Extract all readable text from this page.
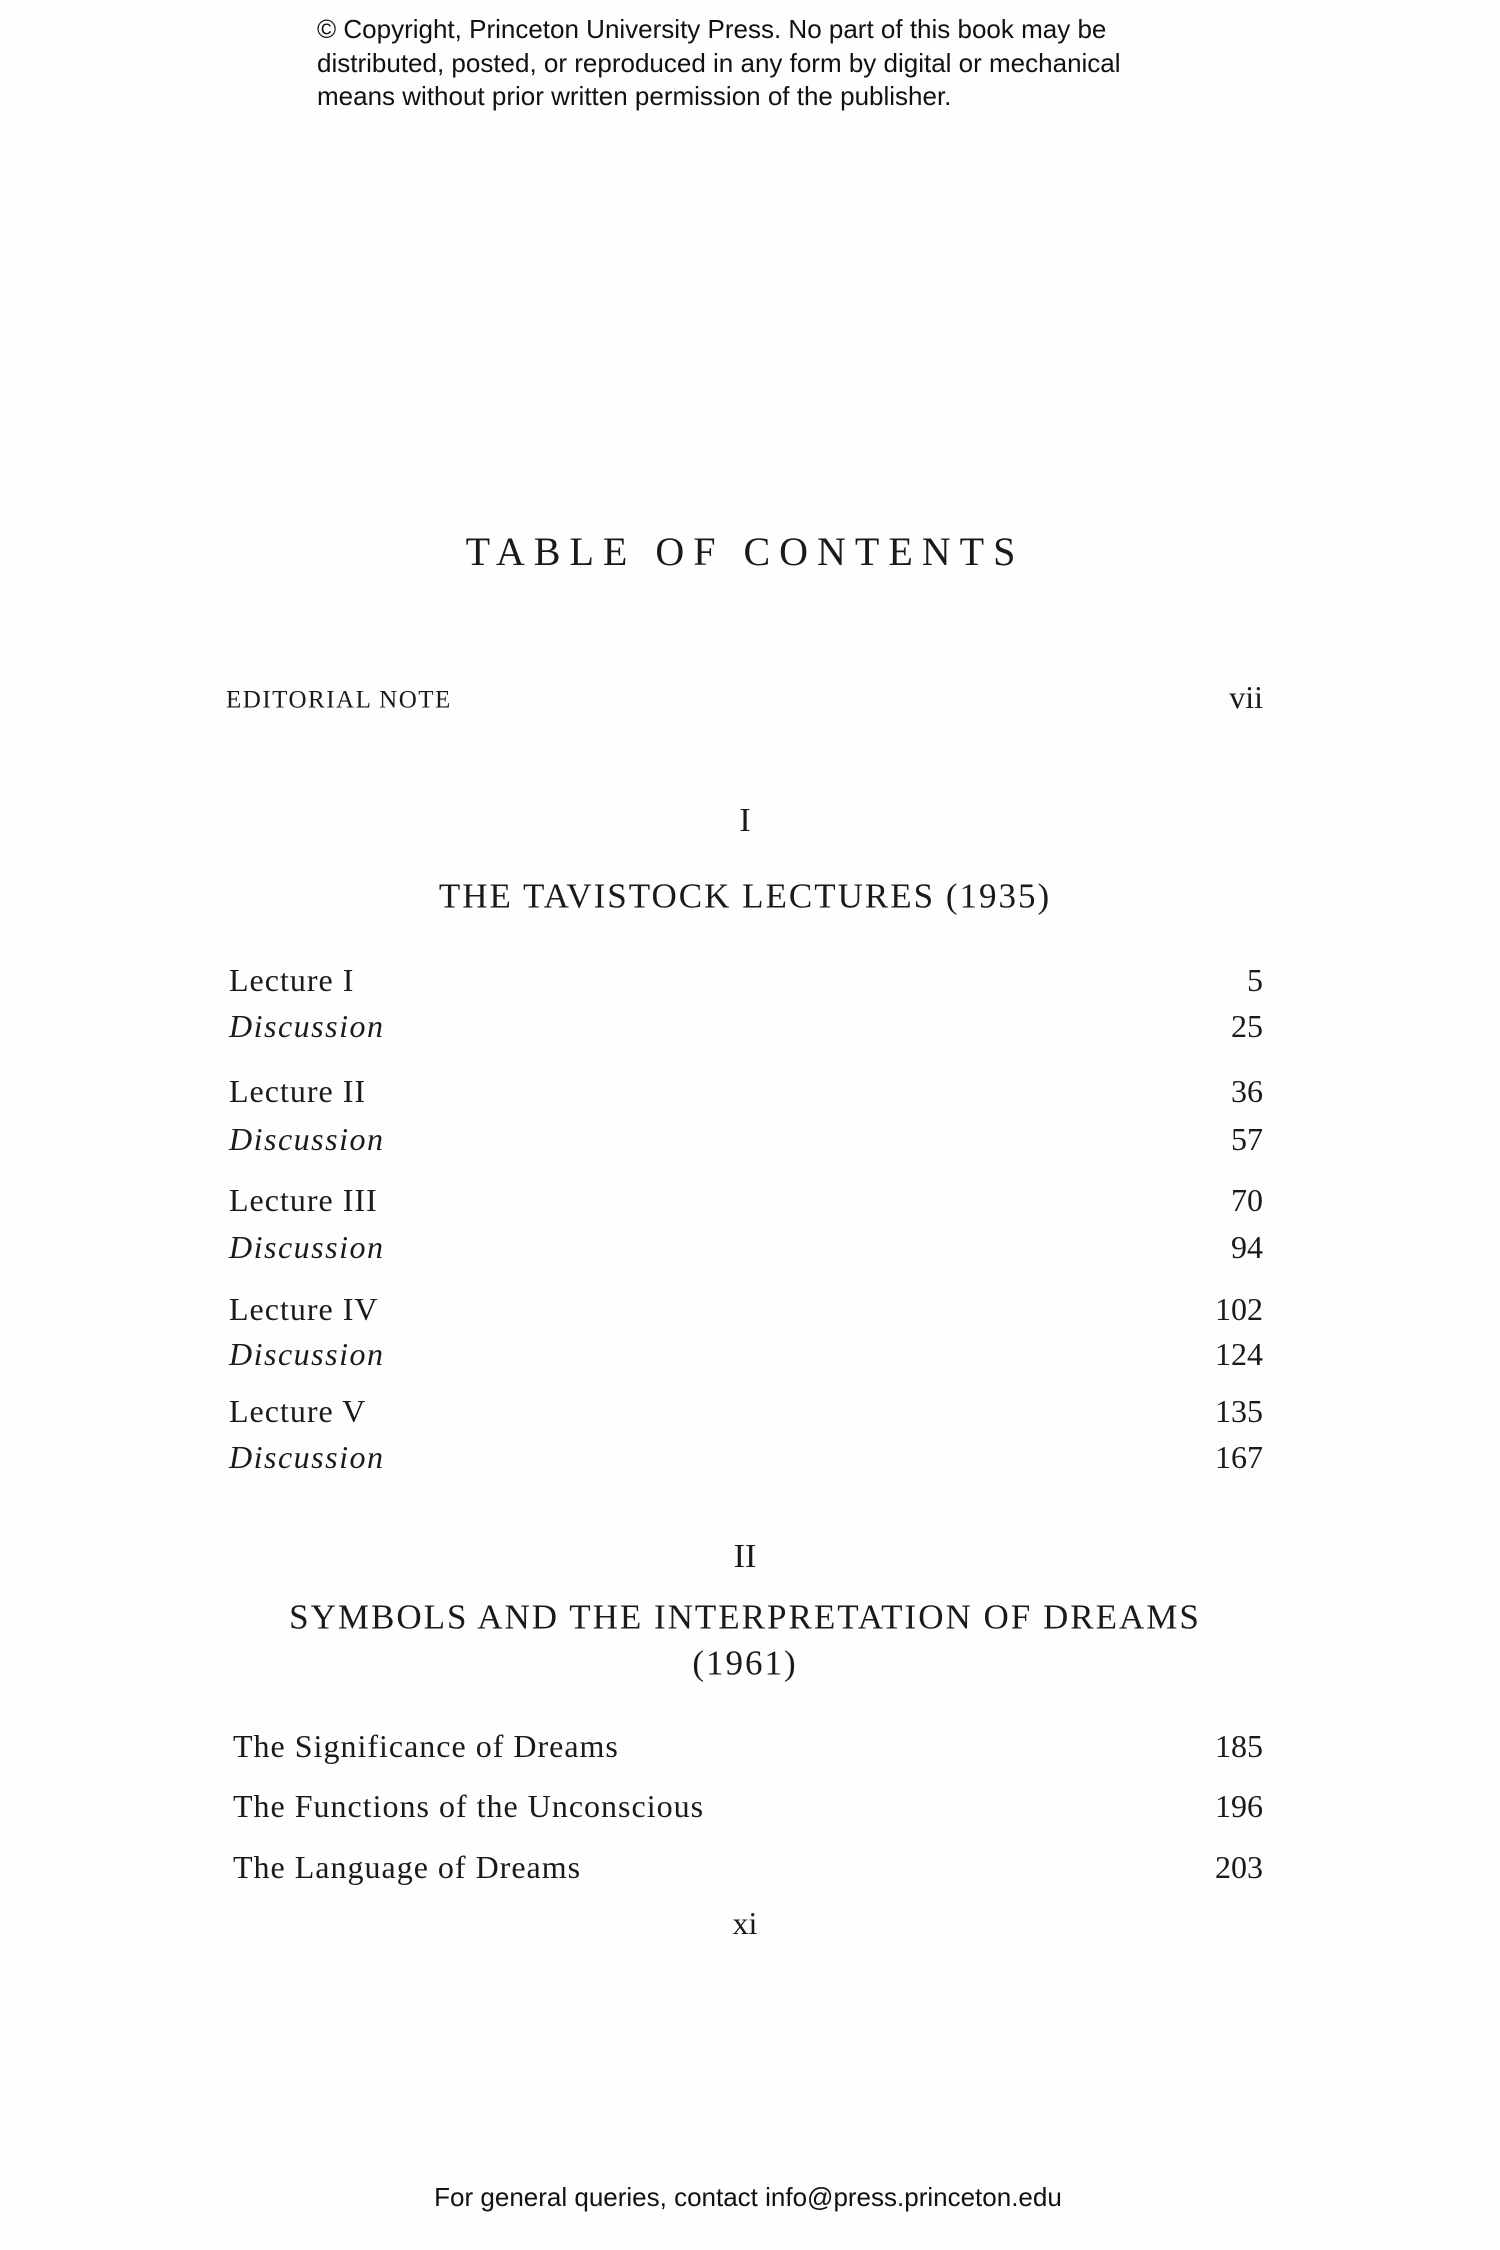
© Copyright, Princeton University Press. No part of this book may be
distributed, posted, or reproduced in any form by digital or mechanical
means without prior written permission of the publisher.
TABLE OF CONTENTS
EDITORIAL NOTE	vii
I
THE TAVISTOCK LECTURES (1935)
Lecture I	5
Discussion	25
Lecture II	36
Discussion	57
Lecture III	70
Discussion	94
Lecture IV	102
Discussion	124
Lecture V	135
Discussion	167
II
SYMBOLS AND THE INTERPRETATION OF DREAMS
(1961)
The Significance of Dreams	185
The Functions of the Unconscious	196
The Language of Dreams	203
xi
For general queries, contact info@press.princeton.edu
